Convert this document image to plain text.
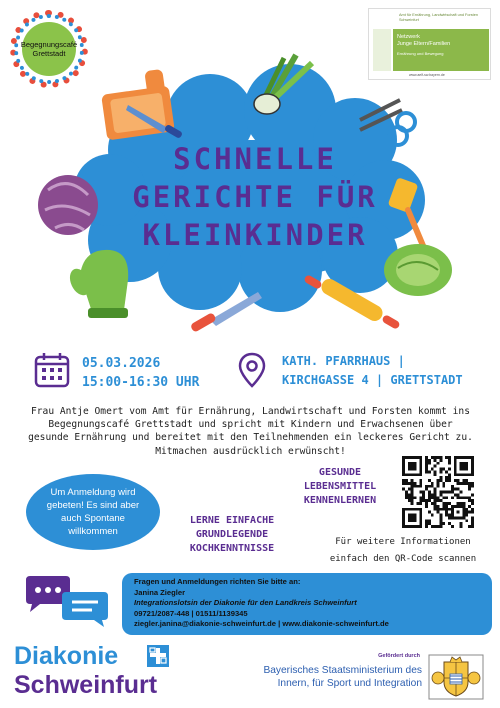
Begegnungscafé
Grettstadt
Amt für Ernährung, Landwirtschaft und Forsten
Schweinfurt
Netzwerk
Junge Eltern/Familien
Ernährung und Bewegung
www.aelf-sw.bayern.de
SCHNELLE
GERICHTE FÜR
KLEINKINDER
05.03.2026
15:00-16:30 UHR
KATH. PFARRHAUS |
KIRCHGASSE 4 | GRETTSTADT
Frau Antje Omert vom Amt für Ernährung, Landwirtschaft und Forsten kommt ins Begegnungscafé Grettstadt und spricht mit Kindern und Erwachsenen über gesunde Ernährung und bereitet mit den Teilnehmenden ein leckeres Gericht zu. Mitmachen ausdrücklich erwünscht!
Um Anmeldung wird gebeten! Es sind aber auch Spontane willkommen
GESUNDE
LEBENSMITTEL
KENNENLERNEN
LERNE EINFACHE
GRUNDLEGENDE
KOCHKENNTNISSE
Für weitere Informationen
einfach den QR-Code scannen
Fragen und Anmeldungen richten Sie bitte an:
Janina Ziegler
Integrationslotsin der Diakonie für den Landkreis Schweinfurt
09721/2087-448 | 01511/1139345
ziegler.janina@diakonie-schweinfurt.de | www.diakonie-schweinfurt.de
Diakonie
Schweinfurt
Gefördert durch
Bayerisches Staatsministerium des
Innern, für Sport und Integration
